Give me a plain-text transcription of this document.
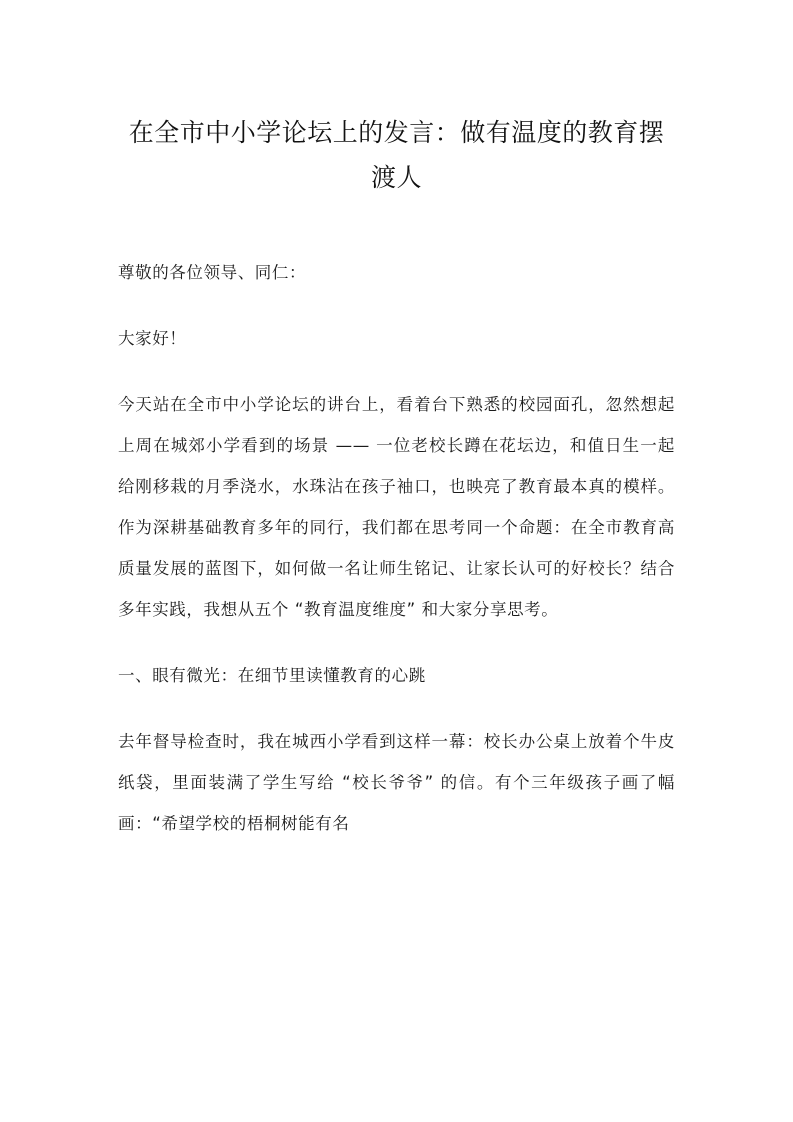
在全市中小学论坛上的发言：做有温度的教育摆渡人

尊敬的各位领导、同仁：

大家好！

今天站在全市中小学论坛的讲台上，看着台下熟悉的校园面孔，忽然想起上周在城郊小学看到的场景 —— 一位老校长蹲在花坛边，和值日生一起给刚移栽的月季浇水，水珠沾在孩子袖口，也映亮了教育最本真的模样。作为深耕基础教育多年的同行，我们都在思考同一个命题：在全市教育高质量发展的蓝图下，如何做一名让师生铭记、让家长认可的好校长？结合多年实践，我想从五个 “教育温度维度” 和大家分享思考。

一、眼有微光：在细节里读懂教育的心跳

去年督导检查时，我在城西小学看到这样一幕：校长办公桌上放着个牛皮纸袋，里面装满了学生写给 “校长爷爷” 的信。有个三年级孩子画了幅画：“希望学校的梧桐树能有名
